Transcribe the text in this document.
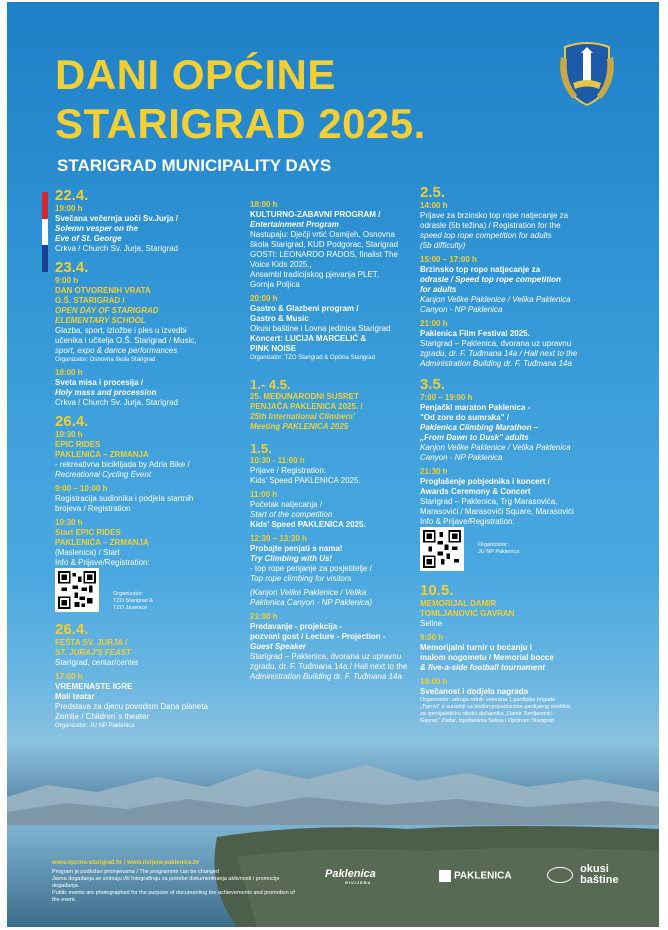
DANI OPĆINE
STARIGRAD 2025.
STARIGRAD MUNICIPALITY DAYS
22.4.
19:00 h
Svečana večernja uoči Sv.Jurja /
Solemn vesper on the
Eve of St. George
Crkva / Church Sv. Jurja, Starigrad
23.4.
9:00 h
DAN OTVORENIH VRATA
O.Š. STARIGRAD /
OPEN DAY OF STARIGRAD
ELEMENTARY SCHOOL
Glazba, sport, izložbe i ples u izvedbi
učenika i učitelja O.Š. Starigrad / Music,
sport, expo & dance performances
Organizator: Osnovna škola Starigrad
18:00 h
Sveta misa i procesija /
Holy mass and procession
Crkva / Church Sv. Jurja, Starigrad
26.4.
10:30 h
EPIC RIDES
PAKLENICA – ZRMANJA
- rekreativna biciklijada by Adria Bike /
Recreational Cycling Event
9:00 – 10:00 h
Registracija sudionika i podjela startnih
brojeva / Registration
10:30 h
Start EPIC RIDES
PAKLENICA – ZRMANJA
(Maslenica) / Start
Info & Prijave/Registration:
Organizator:
TZO Starigrad &
TZO Jasenice
26.4.
FEŠTA SV. JURJA /
ST. JURAJ'S FEAST
Starigrad, centar/center
17:00 h
VREMENASTE IGRE
Mali teatar
Predstava za djecu povodom Dana planeta
Zemlje / Children`s theater
Organizator: JU NP Paklenica
18:00 h
KULTURNO-ZABAVNI PROGRAM /
Entertainment Program
Nastupaju: Dječji vrtić Osmijeh, Osnovna
škola Starigrad, KUD Podgorac, Starigrad
GOSTI: LEONARDO RADOS, finalist The
Voice Kids 2025.,
Ansambl tradicijskog pjevanja PLET,
Gornja Poljica
20:00 h
Gastro & Glazbeni program /
Gastro & Music
Okusi baštine i Lovna jedinica Starigrad
Koncert: LUCIJA MARCELIĆ &
PINK NOISE
Organizator: TZO Starigrad & Općina Starigrad
1.- 4.5.
25. MEĐUNARODNI SUSRET
PENJAČA PAKLENICA 2025. /
25th International Climbers'
Meeting PAKLENICA 2025
1.5.
10:30 - 11:00 h
Prijave / Registration:
Kids' Speed PAKLENICA 2025.
11:00 h
Početak natjecanja /
Start of the competition
Kids' Speed PAKLENICA 2025.
12:30 – 13:30 h
Probajte penjati s nama!
Try Climbing with Us!
- top rope penjanje za posjetitelje /
Top rope climbing for visitors
(Kanjon Velike Paklenice / Velika
Paklenica Canyon - NP Paklenica)
21:00 h
Predavanje - projekcija -
pozvani gost / Lecture - Projection -
Guest Speaker
Starigrad – Paklenica, dvorana uz upravnu
zgradu, dr. F. Tuđmana 14a / Hall next to the
Administration Building dr. F. Tuđmana 14a
2.5.
14:00 h
Prijave za brzinsko top rope natjecanje za
odrasle (5b težina) / Registration for the
speed top rope competition for adults
(5b difficulty)
15:00 – 17:00 h
Brzinsko top rope natjecanje za
odrasle / Speed top rope competition
for adults
Kanjon Velike Paklenice / Velika Paklenica
Canyon - NP Paklenica
21:00 h
Paklenica Film Festival 2025.
Starigrad – Paklenica, dvorana uz upravnu
zgradu, dr. F. Tuđmana 14a / Hall next to the
Administration Building dr. F. Tuđmana 14a
3.5.
7:00 – 19:00 h
Penjački maraton Paklenica -
"Od zore do sumraka" /
Paklenica Climbing Marathon –
„From Dawn to Dusk" adults
Kanjon Velike Paklenice / Velika Paklenica
Canyon - NP Paklenica
21:30 h
Proglašenje pobjednika i koncert /
Awards Ceremony & Concert
Starigrad – Paklenica, Trg Marasovića,
Marasovići / Marasovići Square, Marasovići
Info & Prijave/Registration:
Organizator:
JU NP Paklenica
10.5.
MEMORIJAL DAMIR
TOMLJANOVIĆ GAVRAN
Seline
9:00 h
Memorijalni turnir u boćanju i
malom nogometu / Memorial bocce
& five-a-side football tournament
18:00 h
Svečanost i dodjela nagrada
Organizator: udruga ratnih veterana 1.gardijske brigade
„Tigrovi" u suradnji sa bivšim pripadnicima gardijskog središta
za specijalističku obuku dočasnika „Damir Tomljanović-
Gavran" Zadar, mještanima Selina i Općinom Starigrad
www.opcina-starigrad.hr / www.rivijera-paklenica.hr
Program je podložan promjenama / The programme can be changed
Javna događanja se snimaju i/ili fotografiraju za potrebe dokumentiranja aktivnosti i promocije događanja.
Public events are photographed for the purpose of documenting the achievements and promotion of the event.
Paklenica
RIVIJERA
PAKLENICA

okusi
baštine
